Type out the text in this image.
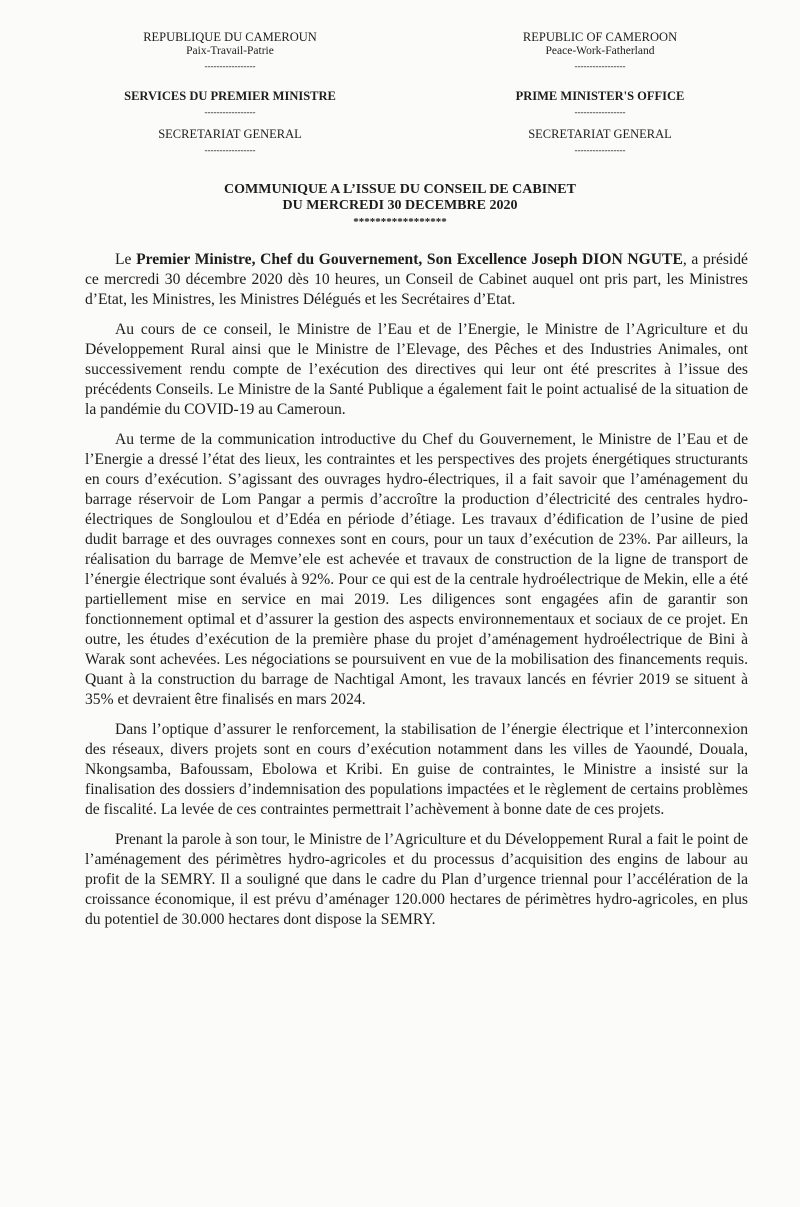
REPUBLIQUE DU CAMEROUN
Paix-Travail-Patrie
-----------------
SERVICES DU PREMIER MINISTRE
-----------------
SECRETARIAT GENERAL
-----------------
REPUBLIC OF CAMEROON
Peace-Work-Fatherland
-----------------
PRIME MINISTER'S OFFICE
-----------------
SECRETARIAT GENERAL
-----------------
COMMUNIQUE A L’ISSUE DU CONSEIL DE CABINET
DU MERCREDI 30 DECEMBRE 2020
*****************

Le Premier Ministre, Chef du Gouvernement, Son Excellence Joseph DION NGUTE, a présidé ce mercredi 30 décembre 2020 dès 10 heures, un Conseil de Cabinet auquel ont pris part, les Ministres d’Etat, les Ministres, les Ministres Délégués et les Secrétaires d’Etat.

Au cours de ce conseil, le Ministre de l’Eau et de l’Energie, le Ministre de l’Agriculture et du Développement Rural ainsi que le Ministre de l’Elevage, des Pêches et des Industries Animales, ont successivement rendu compte de l’exécution des directives qui leur ont été prescrites à l’issue des précédents Conseils. Le Ministre de la Santé Publique a également fait le point actualisé de la situation de la pandémie du COVID-19 au Cameroun.

Au terme de la communication introductive du Chef du Gouvernement, le Ministre de l’Eau et de l’Energie a dressé l’état des lieux, les contraintes et les perspectives des projets énergétiques structurants en cours d’exécution. S’agissant des ouvrages hydro-électriques, il a fait savoir que l’aménagement du barrage réservoir de Lom Pangar a permis d’accroître la production d’électricité des centrales hydro-électriques de Songloulou et d’Edéa en période d’étiage. Les travaux d’édification de l’usine de pied dudit barrage et des ouvrages connexes sont en cours, pour un taux d’exécution de 23%. Par ailleurs, la réalisation du barrage de Memve’ele est achevée et travaux de construction de la ligne de transport de l’énergie électrique sont évalués à 92%. Pour ce qui est de la centrale hydroélectrique de Mekin, elle a été partiellement mise en service en mai 2019. Les diligences sont engagées afin de garantir son fonctionnement optimal et d’assurer la gestion des aspects environnementaux et sociaux de ce projet. En outre, les études d’exécution de la première phase du projet d’aménagement hydroélectrique de Bini à Warak sont achevées. Les négociations se poursuivent en vue de la mobilisation des financements requis. Quant à la construction du barrage de Nachtigal Amont, les travaux lancés en février 2019 se situent à 35% et devraient être finalisés en mars 2024.

Dans l’optique d’assurer le renforcement, la stabilisation de l’énergie électrique et l’interconnexion des réseaux, divers projets sont en cours d’exécution notamment dans les villes de Yaoundé, Douala, Nkongsamba, Bafoussam, Ebolowa et Kribi. En guise de contraintes, le Ministre a insisté sur la finalisation des dossiers d’indemnisation des populations impactées et le règlement de certains problèmes de fiscalité. La levée de ces contraintes permettrait l’achèvement à bonne date de ces projets.

Prenant la parole à son tour, le Ministre de l’Agriculture et du Développement Rural a fait le point de l’aménagement des périmètres hydro-agricoles et du processus d’acquisition des engins de labour au profit de la SEMRY. Il a souligné que dans le cadre du Plan d’urgence triennal pour l’accélération de la croissance économique, il est prévu d’aménager 120.000 hectares de périmètres hydro-agricoles, en plus du potentiel de 30.000 hectares dont dispose la SEMRY.
